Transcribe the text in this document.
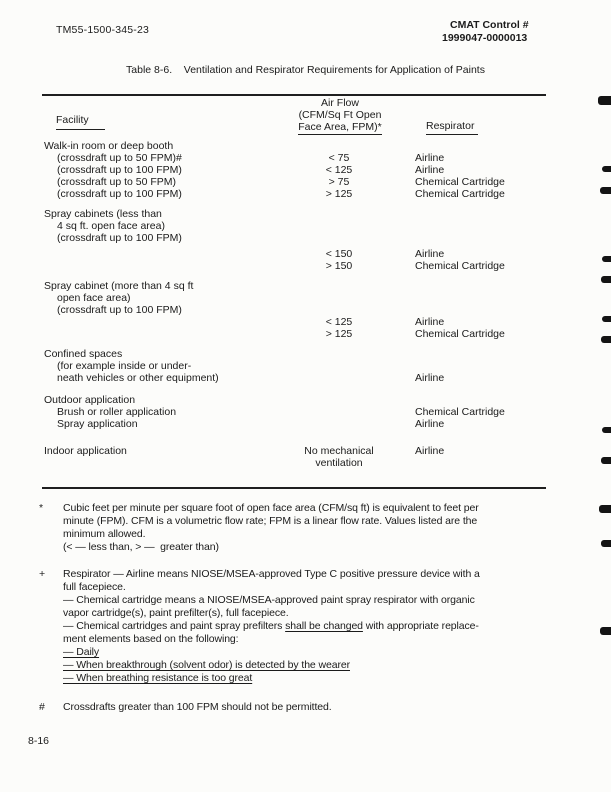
TM55-1500-345-23	CMAT Control #
1999047-0000013
Table 8-6.    Ventilation and Respirator Requirements for Application of Paints
Facility
Air Flow
(CFM/Sq Ft Open
Face Area, FPM)*	Respirator
Walk-in room or deep booth
(crossdraft up to 50 FPM)#	< 75	Airline
(crossdraft up to 100 FPM)	< 125	Airline
(crossdraft up to 50 FPM)	> 75	Chemical Cartridge
(crossdraft up to 100 FPM)	> 125	Chemical Cartridge
Spray cabinets (less than
4 sq ft. open face area)
(crossdraft up to 100 FPM)
< 150	Airline
> 150	Chemical Cartridge
Spray cabinet (more than 4 sq ft
open face area)
(crossdraft up to 100 FPM)
< 125	Airline
> 125	Chemical Cartridge
Confined spaces
(for example inside or under-
neath vehicles or other equipment)	Airline
Outdoor application
Brush or roller application	Chemical Cartridge
Spray application	Airline
Indoor application	No mechanical	Airline
ventilation
* Cubic feet per minute per square foot of open face area (CFM/sq ft) is equivalent to feet per
minute (FPM). CFM is a volumetric flow rate; FPM is a linear flow rate. Values listed are the
minimum allowed.
(< — less than, > —  greater than)
+ Respirator — Airline means NIOSE/MSEA-approved Type C positive pressure device with a
full facepiece.
— Chemical cartridge means a NIOSE/MSEA-approved paint spray respirator with organic
vapor cartridge(s), paint prefilter(s), full facepiece.
— Chemical cartridges and paint spray prefilters shall be changed with appropriate replace-
ment elements based on the following:
— Daily
— When breakthrough (solvent odor) is detected by the wearer
— When breathing resistance is too great
# Crossdrafts greater than 100 FPM should not be permitted.
8-16
